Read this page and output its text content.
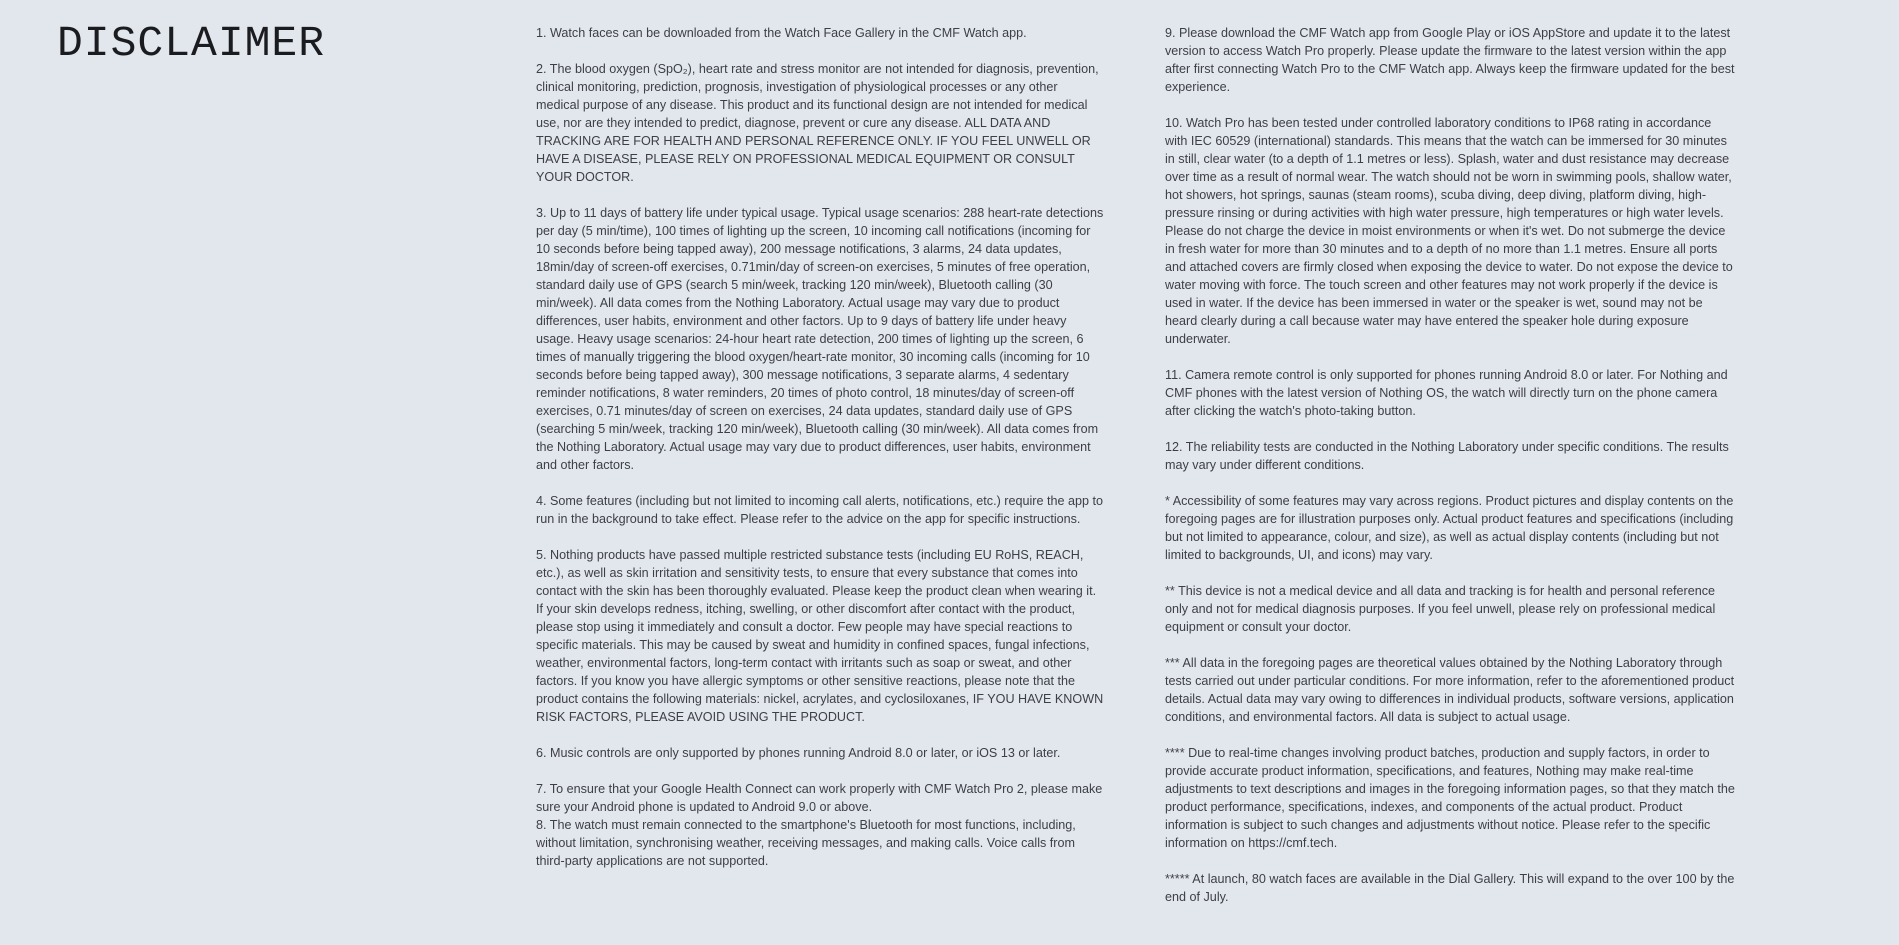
DISCLAIMER	1. Watch faces can be downloaded from the Watch Face Gallery in the CMF Watch app.

2. The blood oxygen (SpO₂), heart rate and stress monitor are not intended for diagnosis, prevention, clinical monitoring, prediction, prognosis, investigation of physiological processes or any other medical purpose of any disease. This product and its functional design are not intended for medical use, nor are they intended to predict, diagnose, prevent or cure any disease. ALL DATA AND TRACKING ARE FOR HEALTH AND PERSONAL REFERENCE ONLY. IF YOU FEEL UNWELL OR HAVE A DISEASE, PLEASE RELY ON PROFESSIONAL MEDICAL EQUIPMENT OR CONSULT YOUR DOCTOR.

3. Up to 11 days of battery life under typical usage. Typical usage scenarios: 288 heart-rate detections per day (5 min/time), 100 times of lighting up the screen, 10 incoming call notifications (incoming for 10 seconds before being tapped away), 200 message notifications, 3 alarms, 24 data updates, 18min/day of screen-off exercises, 0.71min/day of screen-on exercises, 5 minutes of free operation, standard daily use of GPS (search 5 min/week, tracking 120 min/week), Bluetooth calling (30 min/week). All data comes from the Nothing Laboratory. Actual usage may vary due to product differences, user habits, environment and other factors. Up to 9 days of battery life under heavy usage. Heavy usage scenarios: 24-hour heart rate detection, 200 times of lighting up the screen, 6 times of manually triggering the blood oxygen/heart-rate monitor, 30 incoming calls (incoming for 10 seconds before being tapped away), 300 message notifications, 3 separate alarms, 4 sedentary reminder notifications, 8 water reminders, 20 times of photo control, 18 minutes/day of screen-off exercises, 0.71 minutes/day of screen on exercises, 24 data updates, standard daily use of GPS (searching 5 min/week, tracking 120 min/week), Bluetooth calling (30 min/week). All data comes from the Nothing Laboratory. Actual usage may vary due to product differences, user habits, environment and other factors.

4. Some features (including but not limited to incoming call alerts, notifications, etc.) require the app to run in the background to take effect. Please refer to the advice on the app for specific instructions.

5. Nothing products have passed multiple restricted substance tests (including EU RoHS, REACH, etc.), as well as skin irritation and sensitivity tests, to ensure that every substance that comes into contact with the skin has been thoroughly evaluated. Please keep the product clean when wearing it. If your skin develops redness, itching, swelling, or other discomfort after contact with the product, please stop using it immediately and consult a doctor. Few people may have special reactions to specific materials. This may be caused by sweat and humidity in confined spaces, fungal infections, weather, environmental factors, long-term contact with irritants such as soap or sweat, and other factors. If you know you have allergic symptoms or other sensitive reactions, please note that the product contains the following materials: nickel, acrylates, and cyclosiloxanes, IF YOU HAVE KNOWN RISK FACTORS, PLEASE AVOID USING THE PRODUCT.

6. Music controls are only supported by phones running Android 8.0 or later, or iOS 13 or later.

7. To ensure that your Google Health Connect can work properly with CMF Watch Pro 2, please make sure your Android phone is updated to Android 9.0 or above.

8. The watch must remain connected to the smartphone's Bluetooth for most functions, including, without limitation, synchronising weather, receiving messages, and making calls. Voice calls from third-party applications are not supported.

9. Please download the CMF Watch app from Google Play or iOS AppStore and update it to the latest version to access Watch Pro properly. Please update the firmware to the latest version within the app after first connecting Watch Pro to the CMF Watch app. Always keep the firmware updated for the best experience.

10. Watch Pro has been tested under controlled laboratory conditions to IP68 rating in accordance with IEC 60529 (international) standards. This means that the watch can be immersed for 30 minutes in still, clear water (to a depth of 1.1 metres or less). Splash, water and dust resistance may decrease over time as a result of normal wear. The watch should not be worn in swimming pools, shallow water, hot showers, hot springs, saunas (steam rooms), scuba diving, deep diving, platform diving, high-pressure rinsing or during activities with high water pressure, high temperatures or high water levels. Please do not charge the device in moist environments or when it's wet. Do not submerge the device in fresh water for more than 30 minutes and to a depth of no more than 1.1 metres. Ensure all ports and attached covers are firmly closed when exposing the device to water. Do not expose the device to water moving with force. The touch screen and other features may not work properly if the device is used in water. If the device has been immersed in water or the speaker is wet, sound may not be heard clearly during a call because water may have entered the speaker hole during exposure underwater.

11. Camera remote control is only supported for phones running Android 8.0 or later. For Nothing and CMF phones with the latest version of Nothing OS, the watch will directly turn on the phone camera after clicking the watch's photo-taking button.

12. The reliability tests are conducted in the Nothing Laboratory under specific conditions. The results may vary under different conditions.

* Accessibility of some features may vary across regions. Product pictures and display contents on the foregoing pages are for illustration purposes only. Actual product features and specifications (including but not limited to appearance, colour, and size), as well as actual display contents (including but not limited to backgrounds, UI, and icons) may vary.

** This device is not a medical device and all data and tracking is for health and personal reference only and not for medical diagnosis purposes. If you feel unwell, please rely on professional medical equipment or consult your doctor.

*** All data in the foregoing pages are theoretical values obtained by the Nothing Laboratory through tests carried out under particular conditions. For more information, refer to the aforementioned product details. Actual data may vary owing to differences in individual products, software versions, application conditions, and environmental factors. All data is subject to actual usage.

**** Due to real-time changes involving product batches, production and supply factors, in order to provide accurate product information, specifications, and features, Nothing may make real-time adjustments to text descriptions and images in the foregoing information pages, so that they match the product performance, specifications, indexes, and components of the actual product. Product information is subject to such changes and adjustments without notice. Please refer to the specific information on https://cmf.tech.

***** At launch, 80 watch faces are available in the Dial Gallery. This will expand to the over 100 by the end of July.
